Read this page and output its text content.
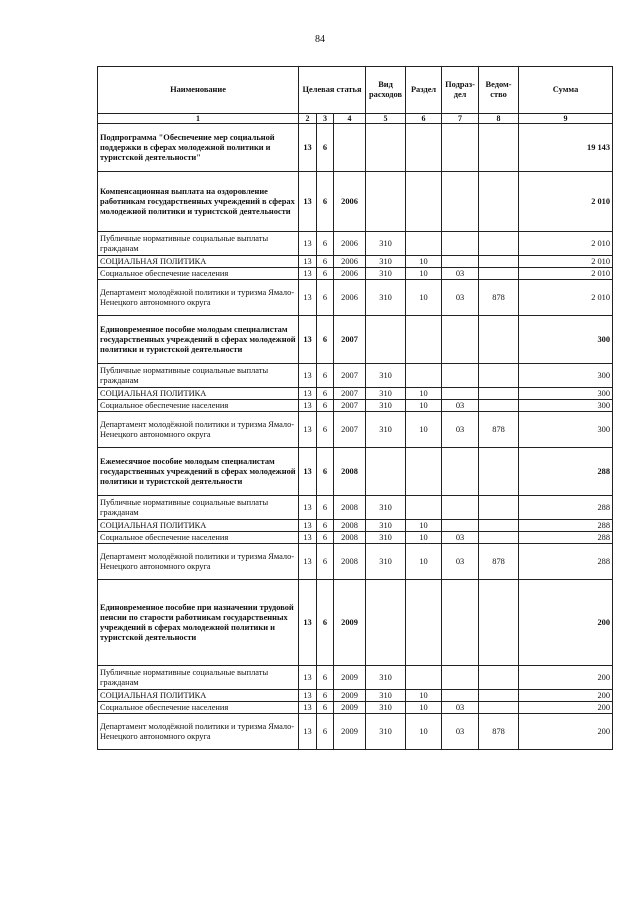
84
Наименование	Целевая статья			Вид расходов	Раздел	Подраз-дел	Ведом-ство	Сумма
1	2	3	4	5	6	7	8	9
Подпрограмма "Обеспечение мер социальной поддержки в сферах молодежной политики и туристской деятельности"	13	6						19 143
Компенсационная выплата на оздоровление работникам государственных учреждений в сферах молодежной политики и туристской деятельности	13	6	2006					2 010
Публичные нормативные социальные выплаты гражданам	13	6	2006	310				2 010
СОЦИАЛЬНАЯ ПОЛИТИКА	13	6	2006	310	10			2 010
Социальное обеспечение населения	13	6	2006	310	10	03		2 010
Департамент молодёжной политики и туризма Ямало-Ненецкого автономного округа	13	6	2006	310	10	03	878	2 010
Единовременное пособие молодым специалистам государственных учреждений в сферах молодежной политики и туристской деятельности	13	6	2007					300
Публичные нормативные социальные выплаты гражданам	13	6	2007	310				300
СОЦИАЛЬНАЯ ПОЛИТИКА	13	6	2007	310	10			300
Социальное обеспечение населения	13	6	2007	310	10	03		300
Департамент молодёжной политики и туризма Ямало-Ненецкого автономного округа	13	6	2007	310	10	03	878	300
Ежемесячное пособие молодым специалистам государственных учреждений в сферах молодежной политики и туристской деятельности	13	6	2008					288
Публичные нормативные социальные выплаты гражданам	13	6	2008	310				288
СОЦИАЛЬНАЯ ПОЛИТИКА	13	6	2008	310	10			288
Социальное обеспечение населения	13	6	2008	310	10	03		288
Департамент молодёжной политики и туризма Ямало-Ненецкого автономного округа	13	6	2008	310	10	03	878	288
Единовременное пособие при назначении трудовой пенсии по старости работникам государственных учреждений в сферах молодежной политики и туристской деятельности	13	6	2009					200
Публичные нормативные социальные выплаты гражданам	13	6	2009	310				200
СОЦИАЛЬНАЯ ПОЛИТИКА	13	6	2009	310	10			200
Социальное обеспечение населения	13	6	2009	310	10	03		200
Департамент молодёжной политики и туризма Ямало-Ненецкого автономного округа	13	6	2009	310	10	03	878	200
